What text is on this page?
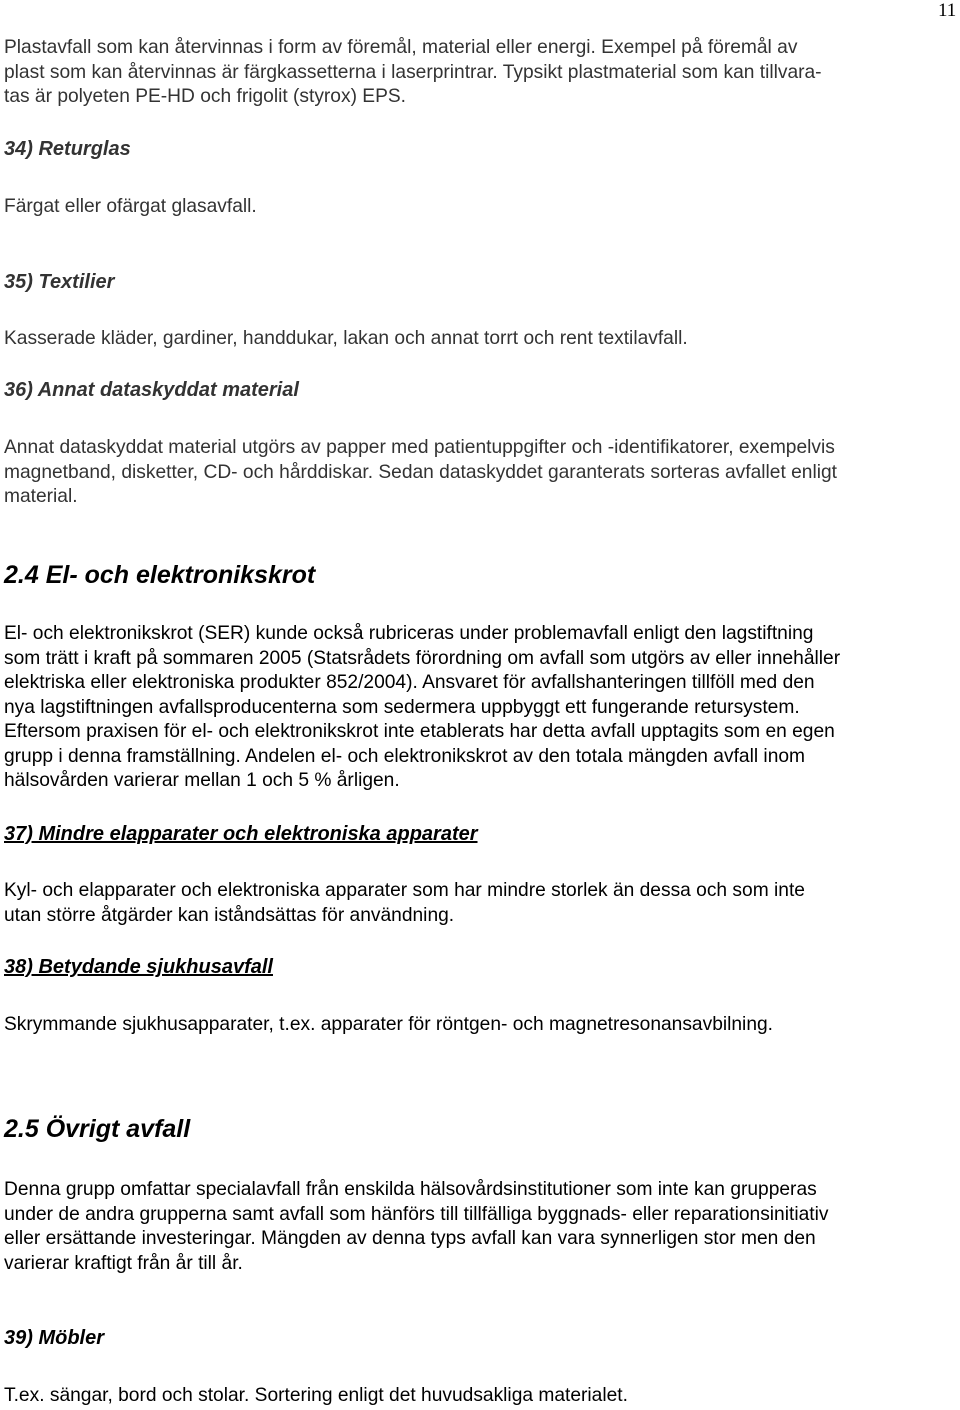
11
Plastavfall som kan återvinnas i form av föremål, material eller energi. Exempel på föremål av
plast som kan återvinnas är färgkassetterna i laserprintrar. Typsikt plastmaterial som kan tillvara-
tas är polyeten PE-HD och frigolit (styrox) EPS.
34) Returglas
Färgat eller ofärgat glasavfall.
35) Textilier
Kasserade kläder, gardiner, handdukar, lakan och annat torrt och rent textilavfall.
36) Annat dataskyddat material
Annat dataskyddat material utgörs av papper med patientuppgifter och -identifikatorer, exempelvis
magnetband, disketter, CD- och hårddiskar. Sedan dataskyddet garanterats sorteras avfallet enligt
material.
2.4 El- och elektronikskrot
El- och elektronikskrot (SER) kunde också rubriceras under problemavfall enligt den lagstiftning
som trätt i kraft på sommaren 2005 (Statsrådets förordning om avfall som utgörs av eller innehåller
elektriska eller elektroniska produkter 852/2004). Ansvaret för avfallshanteringen tillföll med den
nya lagstiftningen avfallsproducenterna som sedermera uppbyggt ett fungerande retursystem.
Eftersom praxisen för el- och elektronikskrot inte etablerats har detta avfall upptagits som en egen
grupp i denna framställning. Andelen el- och elektronikskrot av den totala mängden avfall inom
hälsovården varierar mellan 1 och 5 % årligen.
37) Mindre elapparater och elektroniska apparater
Kyl- och elapparater och elektroniska apparater som har mindre storlek än dessa och som inte
utan större åtgärder kan iståndsättas för användning.
38) Betydande sjukhusavfall
Skrymmande sjukhusapparater, t.ex. apparater för röntgen- och magnetresonansavbilning.
2.5 Övrigt avfall
Denna grupp omfattar specialavfall från enskilda hälsovårdsinstitutioner som inte kan grupperas
under de andra grupperna samt avfall som hänförs till tillfälliga byggnads- eller reparationsinitiativ
eller ersättande investeringar. Mängden av denna typs avfall kan vara synnerligen stor men den
varierar kraftigt från år till år.
39) Möbler
T.ex. sängar, bord och stolar. Sortering enligt det huvudsakliga materialet.
